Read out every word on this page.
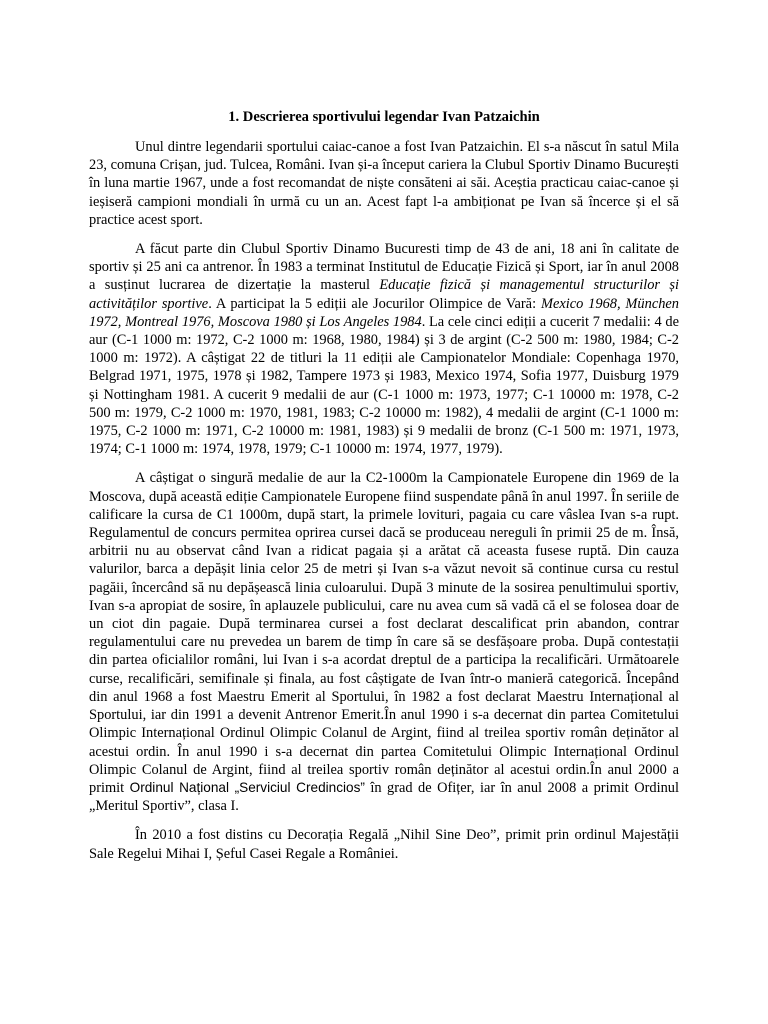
1. Descrierea sportivului legendar Ivan Patzaichin

Unul dintre legendarii sportului caiac-canoe a fost Ivan Patzaichin. El s-a născut în satul Mila 23, comuna Crișan, jud. Tulcea, Români. Ivan și-a început cariera la Clubul Sportiv Dinamo București în luna martie 1967, unde a fost recomandat de niște consăteni ai săi. Aceștia practicau caiac-canoe și ieșiseră campioni mondiali în urmă cu un an. Acest fapt l-a ambiționat pe Ivan să încerce și el să practice acest sport.

A făcut parte din Clubul Sportiv Dinamo Bucuresti timp de 43 de ani, 18 ani în calitate de sportiv și 25 ani ca antrenor. În 1983 a terminat Institutul de Educație Fizică și Sport, iar în anul 2008 a susținut lucrarea de dizertație la masterul Educație fizică și managementul structurilor și activităților sportive. A participat la 5 ediții ale Jocurilor Olimpice de Vară: Mexico 1968, München 1972, Montreal 1976, Moscova 1980 și Los Angeles 1984. La cele cinci ediții a cucerit 7 medalii: 4 de aur (C-1 1000 m: 1972, C-2 1000 m: 1968, 1980, 1984) și 3 de argint (C-2 500 m: 1980, 1984; C-2 1000 m: 1972). A câștigat 22 de titluri la 11 ediții ale Campionatelor Mondiale: Copenhaga 1970, Belgrad 1971, 1975, 1978 și 1982, Tampere 1973 și 1983, Mexico 1974, Sofia 1977, Duisburg 1979 și Nottingham 1981. A cucerit 9 medalii de aur (C-1 1000 m: 1973, 1977; C-1 10000 m: 1978, C-2 500 m: 1979, C-2 1000 m: 1970, 1981, 1983; C-2 10000 m: 1982), 4 medalii de argint (C-1 1000 m: 1975, C-2 1000 m: 1971, C-2 10000 m: 1981, 1983) și 9 medalii de bronz (C-1 500 m: 1971, 1973, 1974; C-1 1000 m: 1974, 1978, 1979; C-1 10000 m: 1974, 1977, 1979).

A câștigat o singură medalie de aur la C2-1000m la Campionatele Europene din 1969 de la Moscova, după această ediție Campionatele Europene fiind suspendate până în anul 1997. În seriile de calificare la cursa de C1 1000m, după start, la primele lovituri, pagaia cu care vâslea Ivan s-a rupt. Regulamentul de concurs permitea oprirea cursei dacă se produceau nereguli în primii 25 de m. Însă, arbitrii nu au observat când Ivan a ridicat pagaia și a arătat că aceasta fusese ruptă. Din cauza valurilor, barca a depășit linia celor 25 de metri și Ivan s-a văzut nevoit să continue cursa cu restul pagăii, încercând să nu depășească linia culoarului. După 3 minute de la sosirea penultimului sportiv, Ivan s-a apropiat de sosire, în aplauzele publicului, care nu avea cum să vadă că el se folosea doar de un ciot din pagaie. După terminarea cursei a fost declarat descalificat prin abandon, contrar regulamentului care nu prevedea un barem de timp în care să se desfășoare proba. După contestații din partea oficialilor români, lui Ivan i s-a acordat dreptul de a participa la recalificări. Următoarele curse, recalificări, semifinale și finala, au fost câștigate de Ivan într-o manieră categorică. Începând din anul 1968 a fost Maestru Emerit al Sportului, în 1982 a fost declarat Maestru Internațional al Sportului, iar din 1991 a devenit Antrenor Emerit.În anul 1990 i s-a decernat din partea Comitetului Olimpic Internațional Ordinul Olimpic Colanul de Argint, fiind al treilea sportiv român deținător al acestui ordin. În anul 1990 i s-a decernat din partea Comitetului Olimpic Internațional Ordinul Olimpic Colanul de Argint, fiind al treilea sportiv român deținător al acestui ordin.În anul 2000 a primit Ordinul Național „Serviciul Credincios” în grad de Ofițer, iar în anul 2008 a primit Ordinul „Meritul Sportiv”, clasa I.

În 2010 a fost distins cu Decorația Regală „Nihil Sine Deo”, primit prin ordinul Majestății Sale Regelui Mihai I, Șeful Casei Regale a României.
